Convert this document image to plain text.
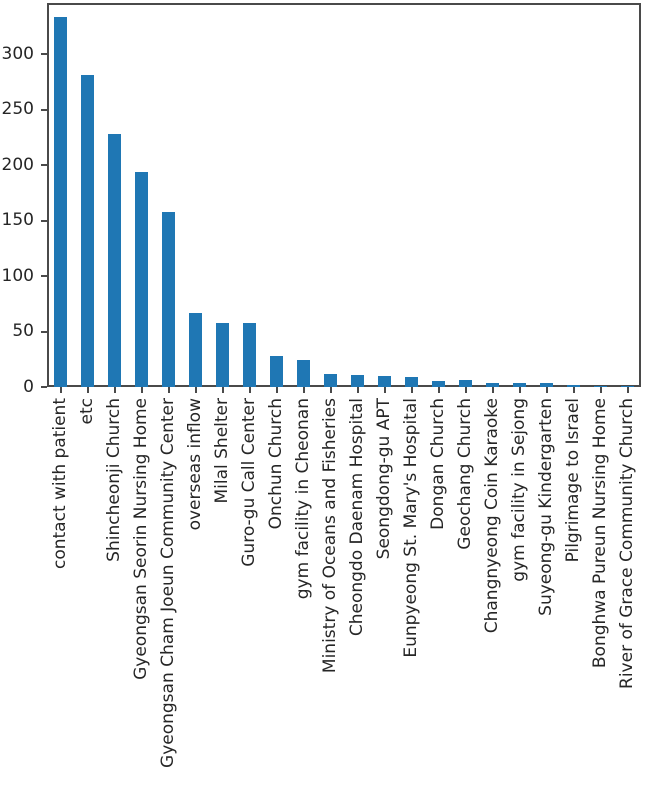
0
50
100
150
200
250
300
contact with patient etc Shincheonji Church Gyeongsan Seorin Nursing Home Gyeongsan Cham Joeun Community Center overseas inflow Milal Shelter Guro-gu Call Center Onchun Church gym facility in Cheonan Ministry of Oceans and Fisheries Cheongdo Daenam Hospital Seongdong-gu APT Eunpyeong St. Mary's Hospital Dongan Church Geochang Church Changnyeong Coin Karaoke gym facility in Sejong Suyeong-gu Kindergarten Pilgrimage to Israel Bonghwa Pureun Nursing Home River of Grace Community Church
